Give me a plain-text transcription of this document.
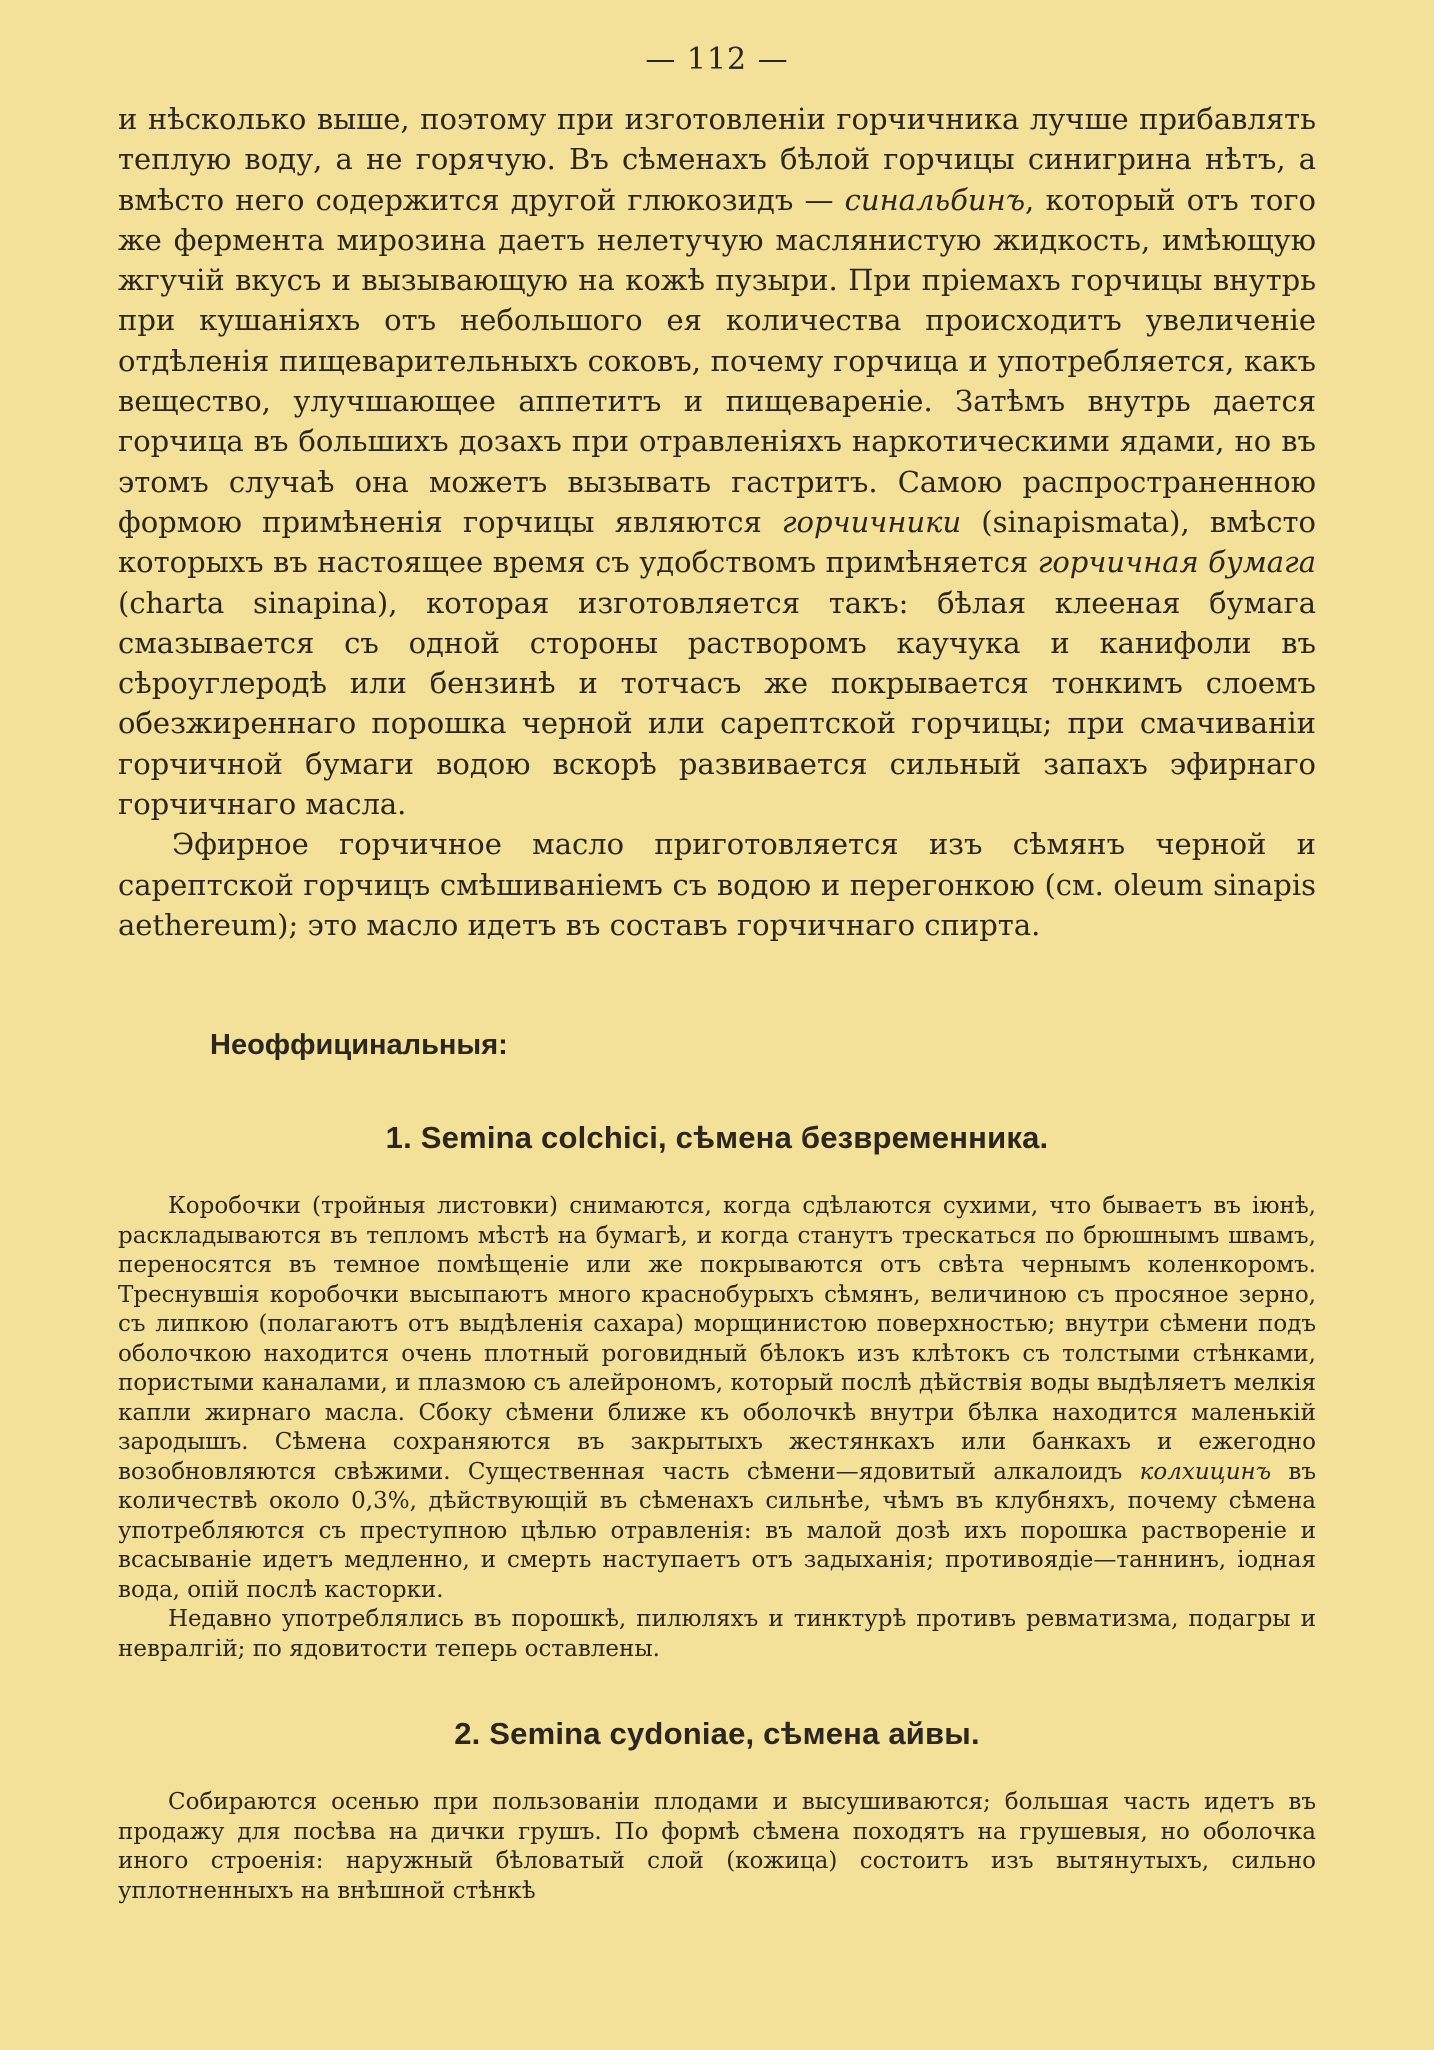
— 112 —

и нѣсколько выше, поэтому при изготовленіи горчичника лучше прибавлять теплую воду, а не горячую. Въ сѣменахъ бѣлой горчицы синигрина нѣтъ, а вмѣсто него содержится другой глюкозидъ — синальбинъ, который отъ того же фермента мирозина даетъ нелетучую маслянистую жидкость, имѣющую жгучій вкусъ и вызывающую на кожѣ пузыри. При пріемахъ горчицы внутрь при кушаніяхъ отъ небольшого ея количества происходитъ увеличеніе отдѣленія пищеварительныхъ соковъ, почему горчица и употребляется, какъ вещество, улучшающее аппетитъ и пищевареніе. Затѣмъ внутрь дается горчица въ большихъ дозахъ при отравленіяхъ наркотическими ядами, но въ этомъ случаѣ она можетъ вызывать гастритъ. Самою распространенною формою примѣненія горчицы являются горчичники (sinapismata), вмѣсто которыхъ въ настоящее время съ удобствомъ примѣняется горчичная бумага (charta sinapina), которая изготовляется такъ: бѣлая клееная бумага смазывается съ одной стороны растворомъ каучука и канифоли въ сѣроуглеродѣ или бензинѣ и тотчасъ же покрывается тонкимъ слоемъ обезжиреннаго порошка черной или сарептской горчицы; при смачиваніи горчичной бумаги водою вскорѣ развивается сильный запахъ эфирнаго горчичнаго масла.

Эфирное горчичное масло приготовляется изъ сѣмянъ черной и сарептской горчицъ смѣшиваніемъ съ водою и перегонкою (см. oleum sinapis aethereum); это масло идетъ въ составъ горчичнаго спирта.

Неоффицинальныя:
1. Semina colchici, сѣмена безвременника.

Коробочки (тройныя листовки) снимаются, когда сдѣлаются сухими, что бываетъ въ іюнѣ, раскладываются въ тепломъ мѣстѣ на бумагѣ, и когда станутъ трескаться по брюшнымъ швамъ, переносятся въ темное помѣщеніе или же покрываются отъ свѣта чернымъ коленкоромъ. Треснувшія коробочки высыпаютъ много краснобурыхъ сѣмянъ, величиною съ просяное зерно, съ липкою (полагаютъ отъ выдѣленія сахара) морщинистою поверхностью; внутри сѣмени подъ оболочкою находится очень плотный роговидный бѣлокъ изъ клѣтокъ съ толстыми стѣнками, пористыми каналами, и плазмою съ алейрономъ, который послѣ дѣйствія воды выдѣляетъ мелкія капли жирнаго масла. Сбоку сѣмени ближе къ оболочкѣ внутри бѣлка находится маленькій зародышъ. Сѣмена сохраняются въ закрытыхъ жестянкахъ или банкахъ и ежегодно возобновляются свѣжими. Существенная часть сѣмени—ядовитый алкалоидъ колхицинъ въ количествѣ около 0,3%, дѣйствующій въ сѣменахъ сильнѣе, чѣмъ въ клубняхъ, почему сѣмена употребляются съ преступною цѣлью отравленія: въ малой дозѣ ихъ порошка раствореніе и всасываніе идетъ медленно, и смерть наступаетъ отъ задыханія; противоядіе—таннинъ, іодная вода, опій послѣ касторки.

Недавно употреблялись въ порошкѣ, пилюляхъ и тинктурѣ противъ ревматизма, подагры и невралгій; по ядовитости теперь оставлены.

2. Semina cydoniae, сѣмена айвы.

Собираются осенью при пользованіи плодами и высушиваются; большая часть идетъ въ продажу для посѣва на дички грушъ. По формѣ сѣмена походятъ на грушевыя, но оболочка иного строенія: наружный бѣловатый слой (кожица) состоитъ изъ вытянутыхъ, сильно уплотненныхъ на внѣшной стѣнкѣ
